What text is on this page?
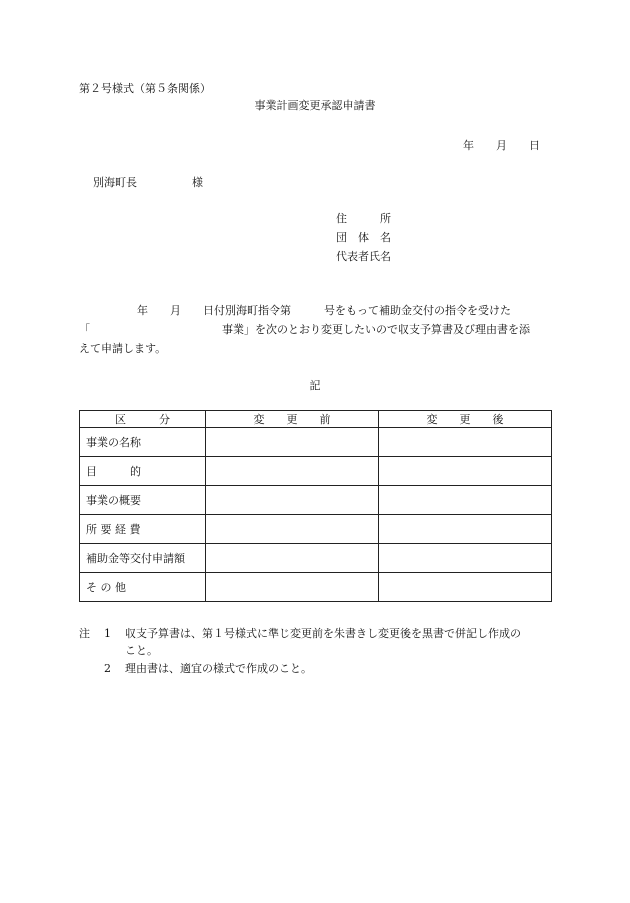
第２号様式（第５条関係）
事業計画変更承認申請書
年　　月　　日
別海町長　　　　　様
住　　　所
団　体　名
代表者氏名
年　　月　　日付別海町指令第　　　号をもって補助金交付の指令を受けた
「	事業」を次のとおり変更したいので収支予算書及び理由書を添
えて申請します。
記
区　　　分	変　　更　　前	変　　更　　後
事業の名称		
目　　　的		
事業の概要		
所 要 経 費		
補助金等交付申請額		
そ の 他		
注 1 収支予算書は、第１号様式に準じ変更前を朱書きし変更後を黒書で併記し作成の
こと。
2 理由書は、適宜の様式で作成のこと。
